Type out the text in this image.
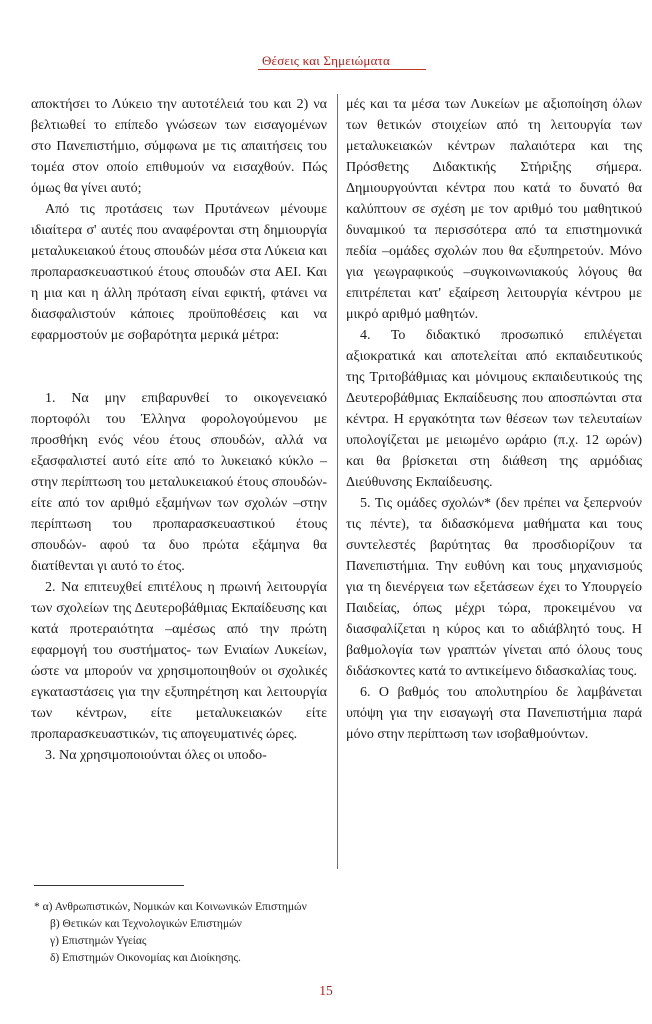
Θέσεις και Σημειώματα

αποκτήσει το Λύκειο την αυτοτέλειά του και 2) να βελτιωθεί το επίπεδο γνώσεων των εισαγομένων στο Πανεπιστήμιο, σύμφωνα με τις απαιτήσεις του τομέα στον οποίο επιθυμούν να εισαχθούν. Πώς όμως θα γίνει αυτό;

Από τις προτάσεις των Πρυτάνεων μένουμε ιδιαίτερα σ' αυτές που αναφέρονται στη δημιουργία μεταλυκειακού έτους σπουδών μέσα στα Λύκεια και προπαρασκευαστικού έτους σπουδών στα ΑΕΙ. Και η μια και η άλλη πρόταση είναι εφικτή, φτάνει να διασφαλιστούν κάποιες προϋποθέσεις και να εφαρμοστούν με σοβαρότητα μερικά μέτρα:

1. Να μην επιβαρυνθεί το οικογενειακό πορτοφόλι του Έλληνα φορολογούμενου με προσθήκη ενός νέου έτους σπουδών, αλλά να εξασφαλιστεί αυτό είτε από το λυκειακό κύκλο –στην περίπτωση του μεταλυκειακού έτους σπουδών- είτε από τον αριθμό εξαμήνων των σχολών –στην περίπτωση του προπαρασκευαστικού έτους σπουδών- αφού τα δυο πρώτα εξάμηνα θα διατίθενται γι αυτό το έτος.

2. Να επιτευχθεί επιτέλους η πρωινή λειτουργία των σχολείων της Δευτεροβάθμιας Εκπαίδευσης και κατά προτεραιότητα –αμέσως από την πρώτη εφαρμογή του συστήματος- των Ενιαίων Λυκείων, ώστε να μπορούν να χρησιμοποιηθούν οι σχολικές εγκαταστάσεις για την εξυπηρέτηση και λειτουργία των κέντρων, είτε μεταλυκειακών είτε προπαρασκευαστικών, τις απογευματινές ώρες.

3. Να χρησιμοποιούνται όλες οι υποδο-

μές και τα μέσα των Λυκείων με αξιοποίηση όλων των θετικών στοιχείων από τη λειτουργία των μεταλυκειακών κέντρων παλαιότερα και της Πρόσθετης Διδακτικής Στήριξης σήμερα. Δημιουργούνται κέντρα που κατά το δυνατό θα καλύπτουν σε σχέση με τον αριθμό του μαθητικού δυναμικού τα περισσότερα από τα επιστημονικά πεδία –ομάδες σχολών που θα εξυπηρετούν. Μόνο για γεωγραφικούς –συγκοινωνιακούς λόγους θα επιτρέπεται κατ' εξαίρεση λειτουργία κέντρου με μικρό αριθμό μαθητών.

4. Το διδακτικό προσωπικό επιλέγεται αξιοκρατικά και αποτελείται από εκπαιδευτικούς της Τριτοβάθμιας και μόνιμους εκπαιδευτικούς της Δευτεροβάθμιας Εκπαίδευσης που αποσπώνται στα κέντρα. Η εργακότητα των θέσεων των τελευταίων υπολογίζεται με μειωμένο ωράριο (π.χ. 12 ωρών) και θα βρίσκεται στη διάθεση της αρμόδιας Διεύθυνσης Εκπαίδευσης.

5. Τις ομάδες σχολών* (δεν πρέπει να ξεπερνούν τις πέντε), τα διδασκόμενα μαθήματα και τους συντελεστές βαρύτητας θα προσδιορίζουν τα Πανεπιστήμια. Την ευθύνη και τους μηχανισμούς για τη διενέργεια των εξετάσεων έχει το Υπουργείο Παιδείας, όπως μέχρι τώρα, προκειμένου να διασφαλίζεται η κύρος και το αδιάβλητό τους. Η βαθμολογία των γραπτών γίνεται από όλους τους διδάσκοντες κατά το αντικείμενο διδασκαλίας τους.

6. Ο βαθμός του απολυτηρίου δε λαμβάνεται υπόψη για την εισαγωγή στα Πανεπιστήμια παρά μόνο στην περίπτωση των ισοβαθμούντων.

* α) Ανθρωπιστικών, Νομικών και Κοινωνικών Επιστημών
β) Θετικών και Τεχνολογικών Επιστημών
γ) Επιστημών Υγείας
δ) Επιστημών Οικονομίας και Διοίκησης.
15
